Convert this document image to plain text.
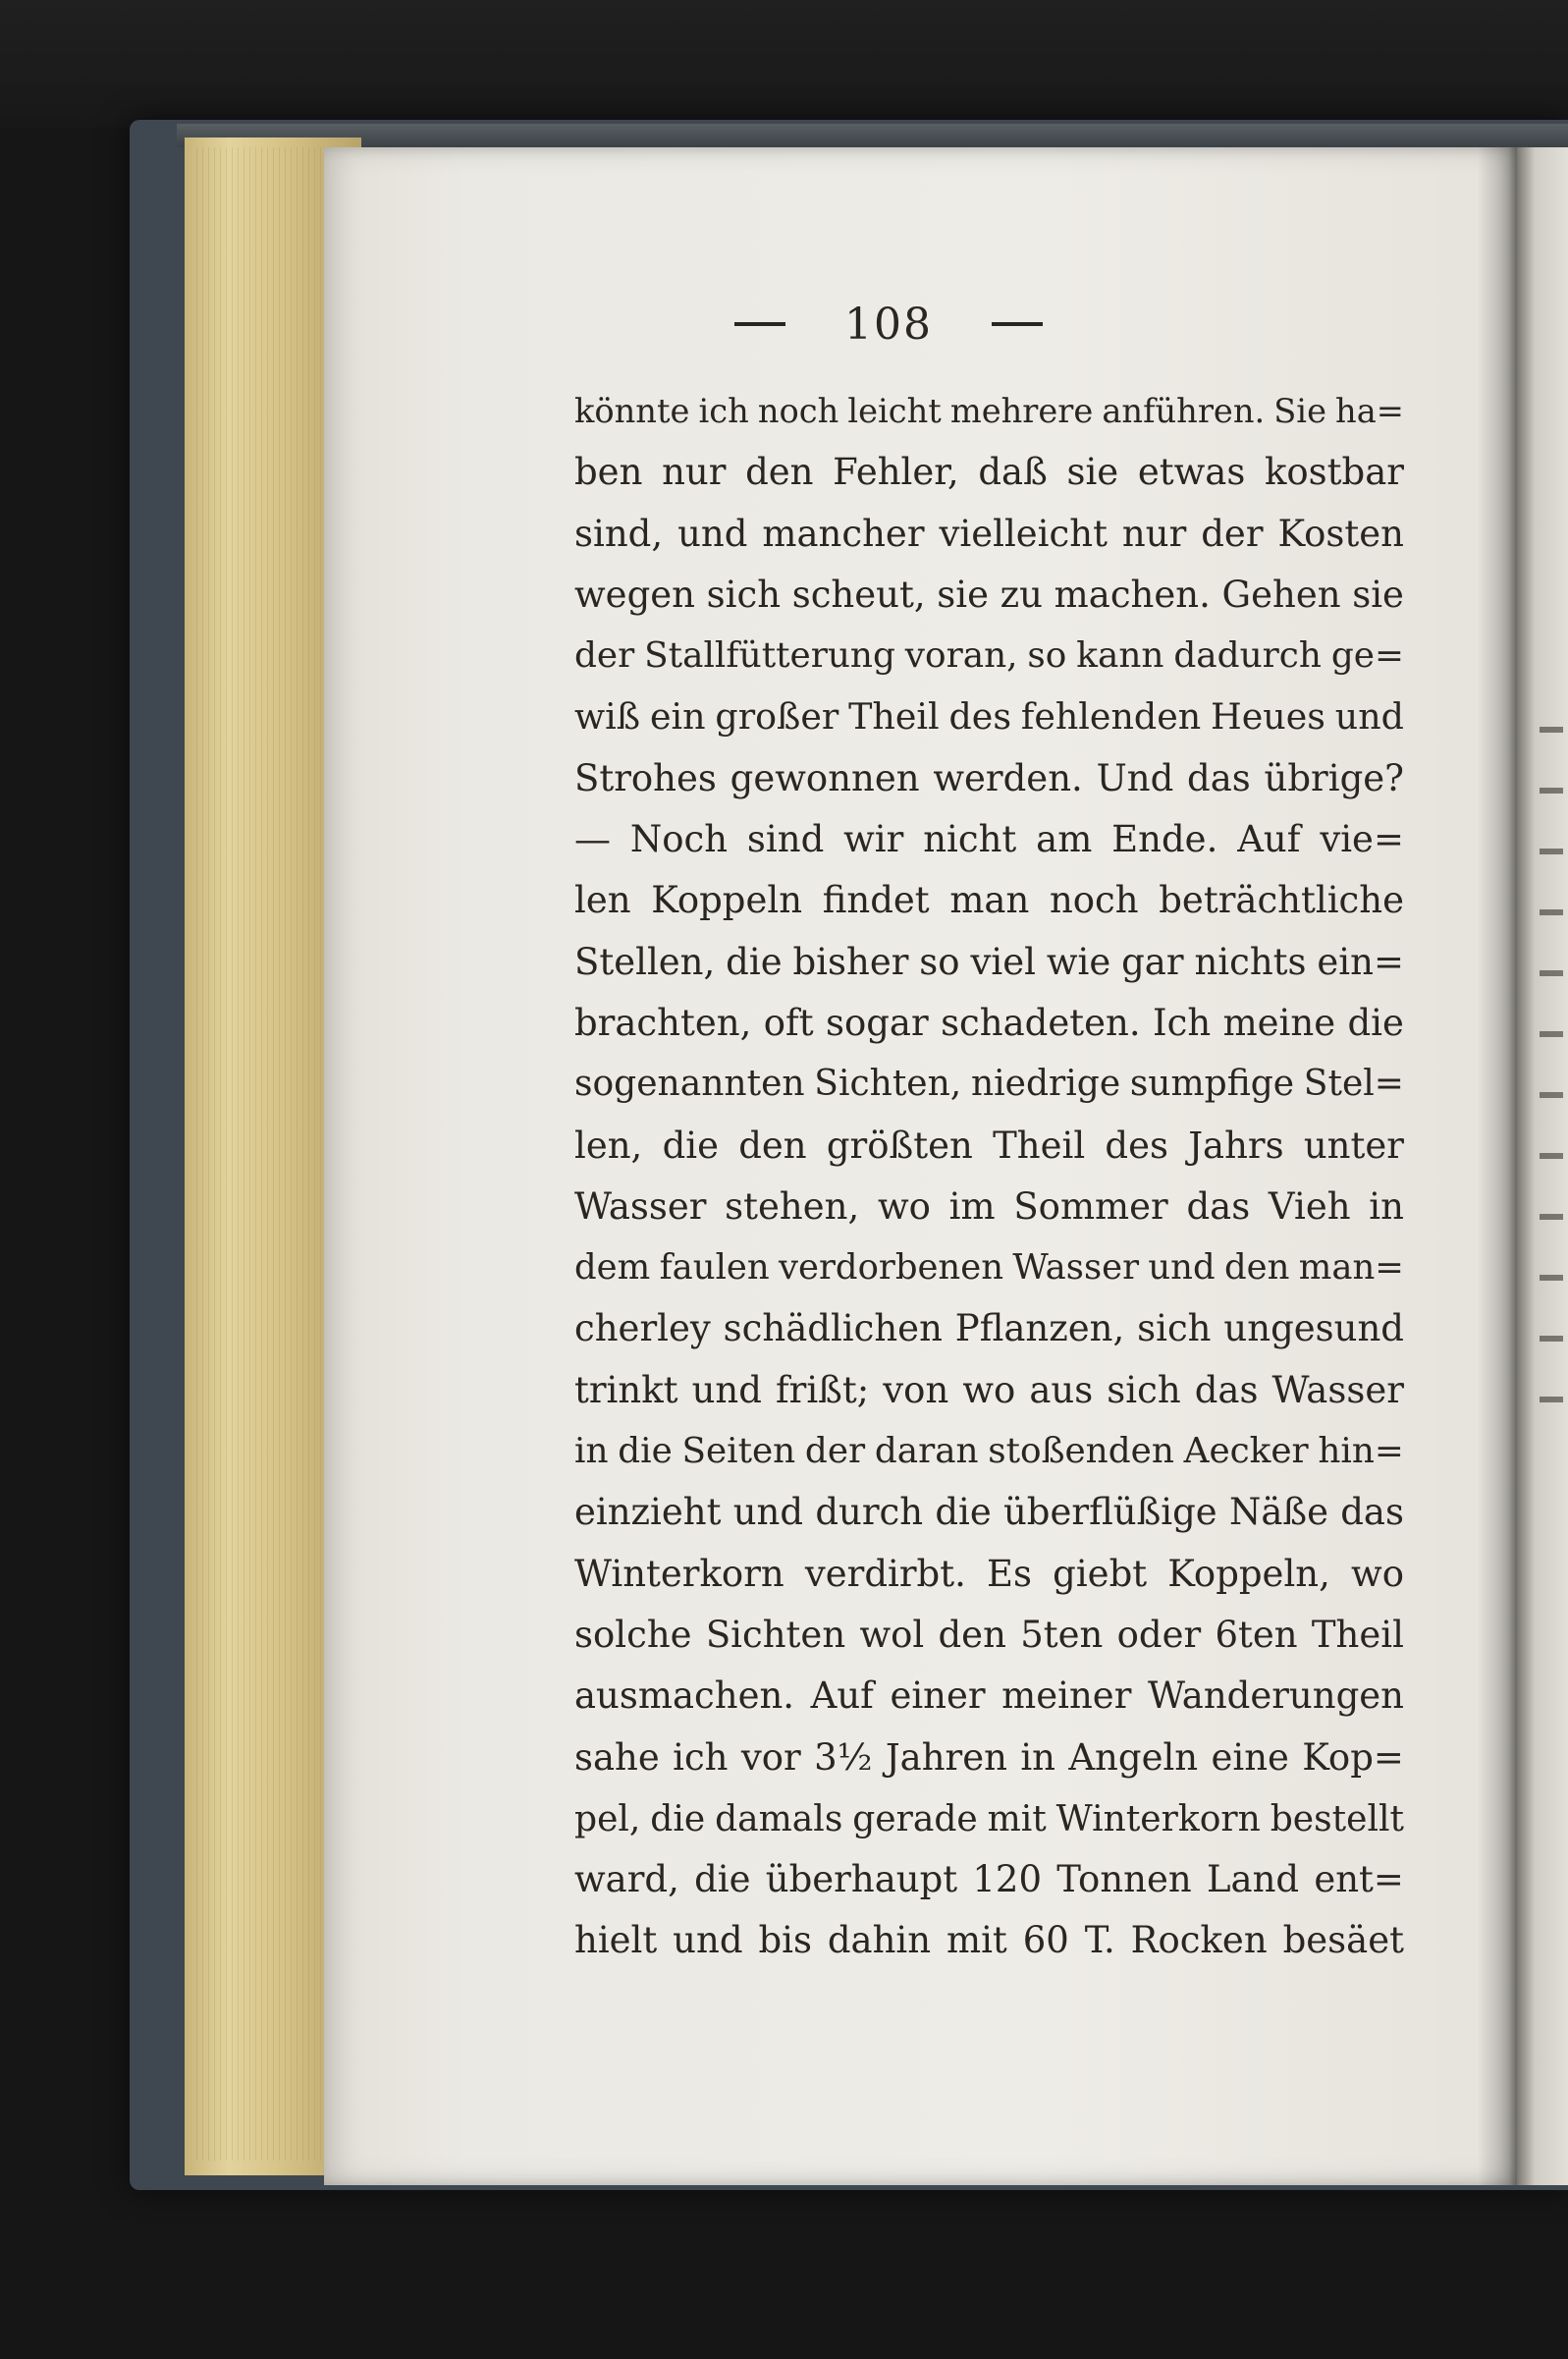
108
könnte ich noch leicht mehrere anführen. Sie ha=
ben nur den Fehler, daß sie etwas kostbar
sind, und mancher vielleicht nur der Kosten
wegen sich scheut, sie zu machen. Gehen sie
der Stallfütterung voran, so kann dadurch ge=
wiß ein großer Theil des fehlenden Heues und
Strohes gewonnen werden. Und das übrige?
— Noch sind wir nicht am Ende. Auf vie=
len Koppeln findet man noch beträchtliche
Stellen, die bisher so viel wie gar nichts ein=
brachten, oft sogar schadeten. Ich meine die
sogenannten Sichten, niedrige sumpfige Stel=
len, die den größten Theil des Jahrs unter
Wasser stehen, wo im Sommer das Vieh in
dem faulen verdorbenen Wasser und den man=
cherley schädlichen Pflanzen, sich ungesund
trinkt und frißt; von wo aus sich das Wasser
in die Seiten der daran stoßenden Aecker hin=
einzieht und durch die überflüßige Näße das
Winterkorn verdirbt. Es giebt Koppeln, wo
solche Sichten wol den 5ten oder 6ten Theil
ausmachen. Auf einer meiner Wanderungen
sahe ich vor 3½ Jahren in Angeln eine Kop=
pel, die damals gerade mit Winterkorn bestellt
ward, die überhaupt 120 Tonnen Land ent=
hielt und bis dahin mit 60 T. Rocken besäet
